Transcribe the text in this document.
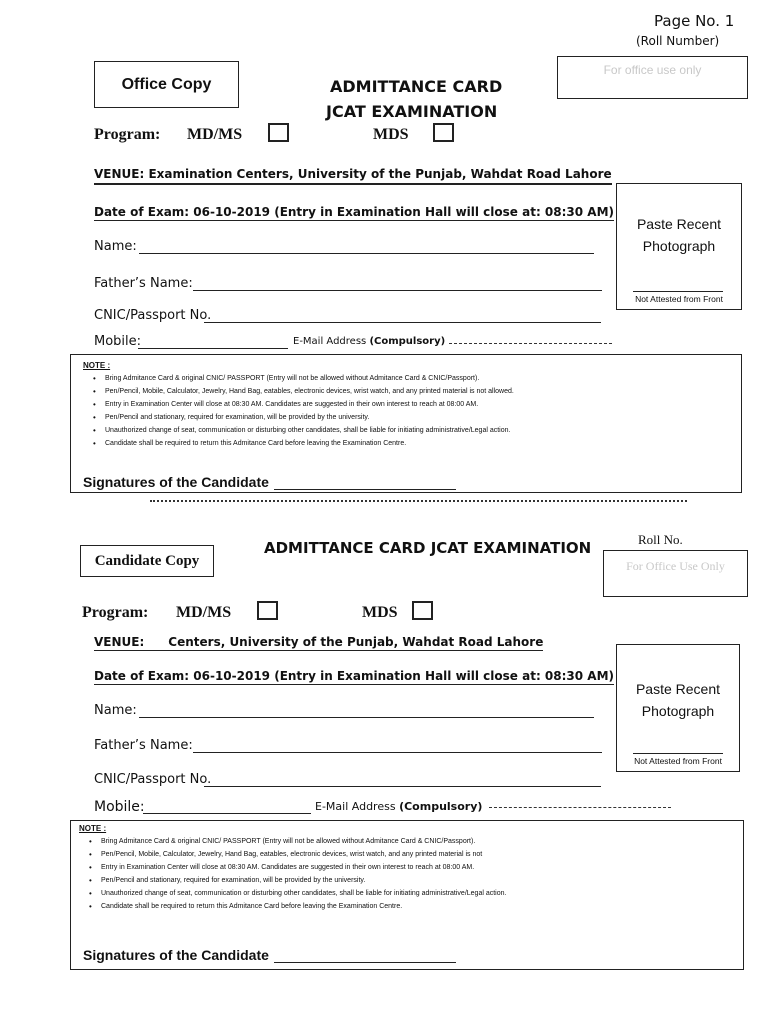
Page No. 1
(Roll Number)
Office Copy
For office use only
ADMITTANCE CARD
JCAT EXAMINATION
Program: MD/MS	MDS
VENUE: Examination Centers, University of the Punjab, Wahdat Road Lahore
Date of Exam: 06-10-2019 (Entry in Examination Hall will close at: 08:30 AM)
Name:
Father’s Name:
CNIC/Passport No.
Mobile:	E-Mail Address (Compulsory)
Paste Recent
Photograph
Not Attested from Front
NOTE :
• Bring Admitance Card & original CNIC/ PASSPORT (Entry will not be allowed without Admitance Card & CNIC/Passport).
• Pen/Pencil, Mobile, Calculator, Jewelry, Hand Bag, eatables, electronic devices, wrist watch, and any printed material is not allowed.
• Entry in Examination Center will close at 08:30 AM. Candidates are suggested in their own interest to reach at 08:00 AM.
• Pen/Pencil and stationary, required for examination, will be provided by the university.
• Unauthorized change of seat, communication or disturbing other candidates, shall be liable for initiating administrative/Legal action.
• Candidate shall be required to return this Admitance Card before leaving the Examination Centre.
Signatures of the Candidate
Candidate Copy
ADMITTANCE CARD JCAT EXAMINATION	Roll No.
For Office Use Only
Program: MD/MS	MDS
VENUE: Centers, University of the Punjab, Wahdat Road Lahore
Date of Exam: 06-10-2019 (Entry in Examination Hall will close at: 08:30 AM)
Name:
Father’s Name:
CNIC/Passport No.
Mobile:	E-Mail Address (Compulsory)
Paste Recent
Photograph
Not Attested from Front
NOTE :
• Bring Admitance Card & original CNIC/ PASSPORT (Entry will not be allowed without Admitance Card & CNIC/Passport).
• Pen/Pencil, Mobile, Calculator, Jewelry, Hand Bag, eatables, electronic devices, wrist watch, and any printed material is not
• Entry in Examination Center will close at 08:30 AM. Candidates are suggested in their own interest to reach at 08:00 AM.
• Pen/Pencil and stationary, required for examination, will be provided by the university.
• Unauthorized change of seat, communication or disturbing other candidates, shall be liable for initiating administrative/Legal action.
• Candidate shall be required to return this Admitance Card before leaving the Examination Centre.
Signatures of the Candidate
